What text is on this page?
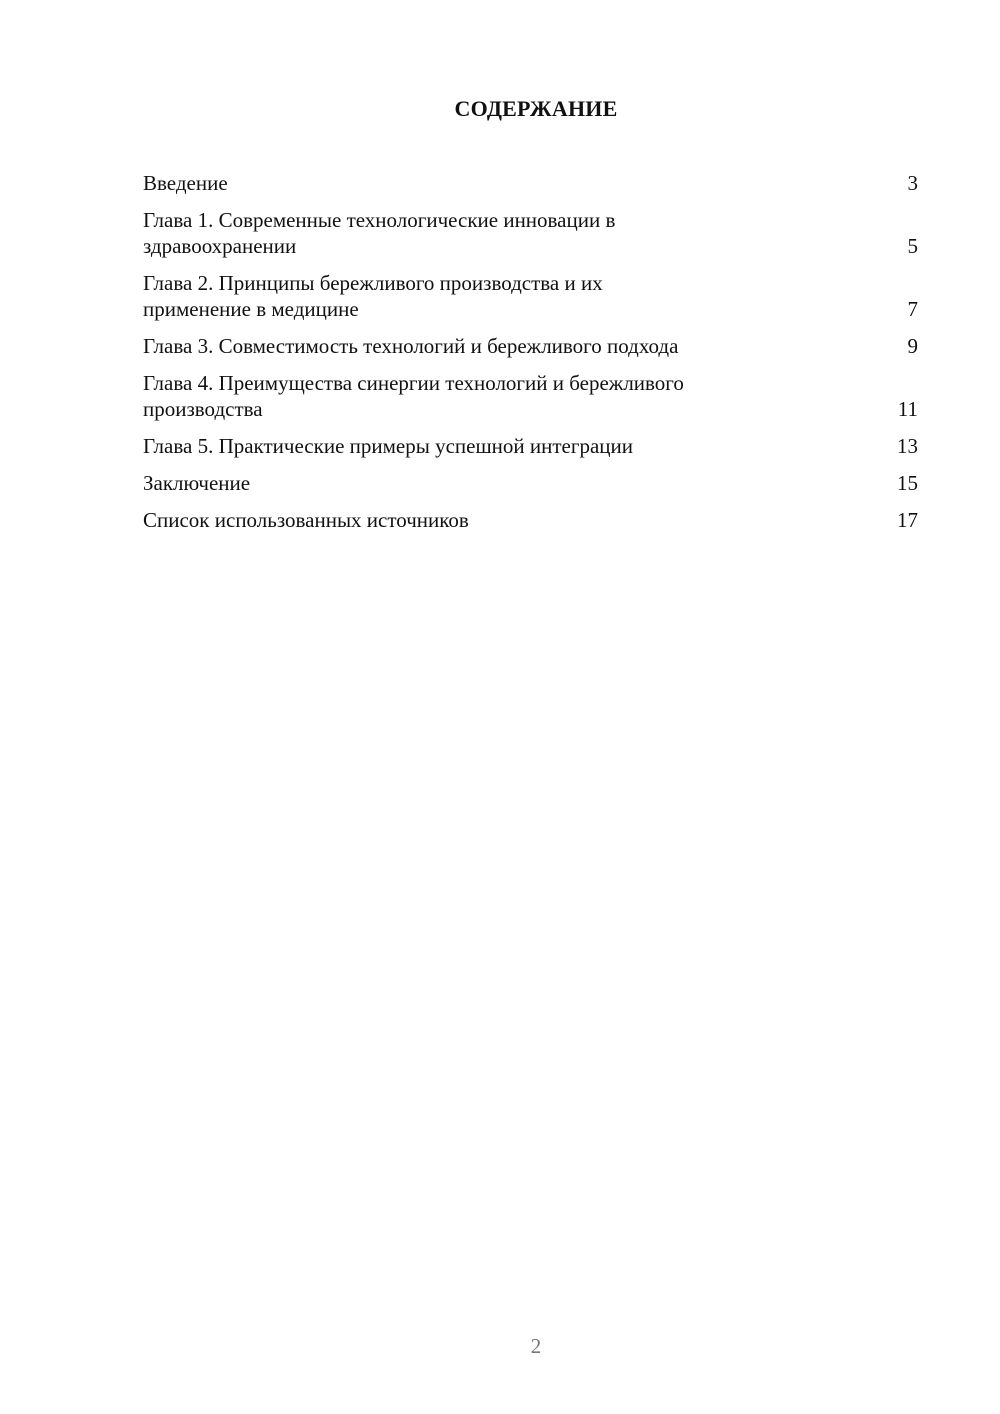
СОДЕРЖАНИЕ
Введение	3
Глава 1. Современные технологические инновации в
здравоохранении	5
Глава 2. Принципы бережливого производства и их
применение в медицине	7
Глава 3. Совместимость технологий и бережливого подхода	9
Глава 4. Преимущества синергии технологий и бережливого
производства	11
Глава 5. Практические примеры успешной интеграции	13
Заключение	15
Список использованных источников	17
2
